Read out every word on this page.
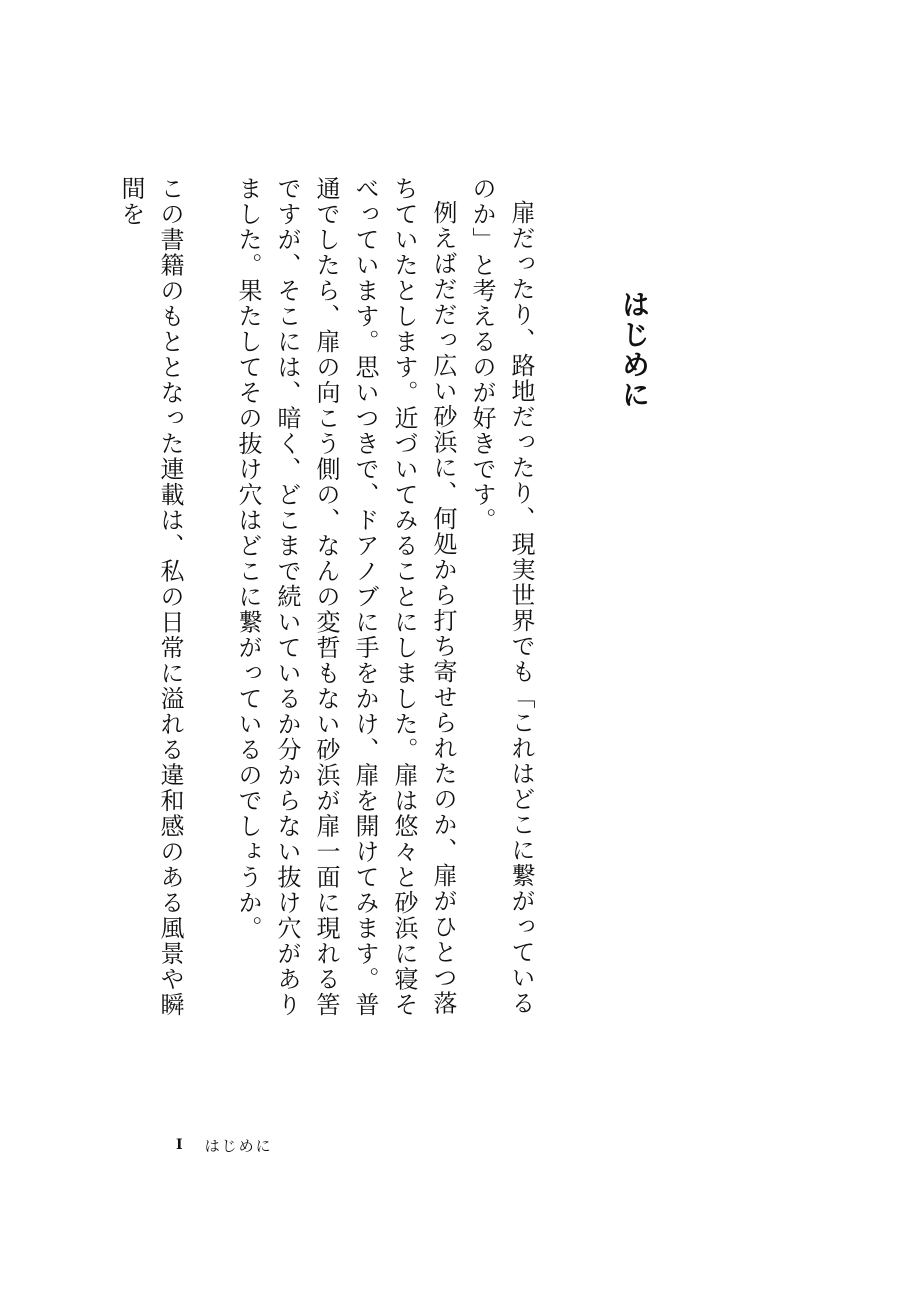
はじめに

扉だったり、路地だったり、現実世界でも「これはどこに繋がっているのか」と考えるのが好きです。

例えばだだっ広い砂浜に、何処から打ち寄せられたのか、扉がひとつ落ちていたとします。近づいてみることにしました。扉は悠々と砂浜に寝そべっています。思いつきで、ドアノブに手をかけ、扉を開けてみます。普通でしたら、扉の向こう側の、なんの変哲もない砂浜が扉一面に現れる筈ですが、そこには、暗く、どこまで続いているか分からない抜け穴がありました。果たしてその抜け穴はどこに繋がっているのでしょうか。

この書籍のもととなった連載は、私の日常に溢れる違和感のある風景や瞬間を

I はじめに
